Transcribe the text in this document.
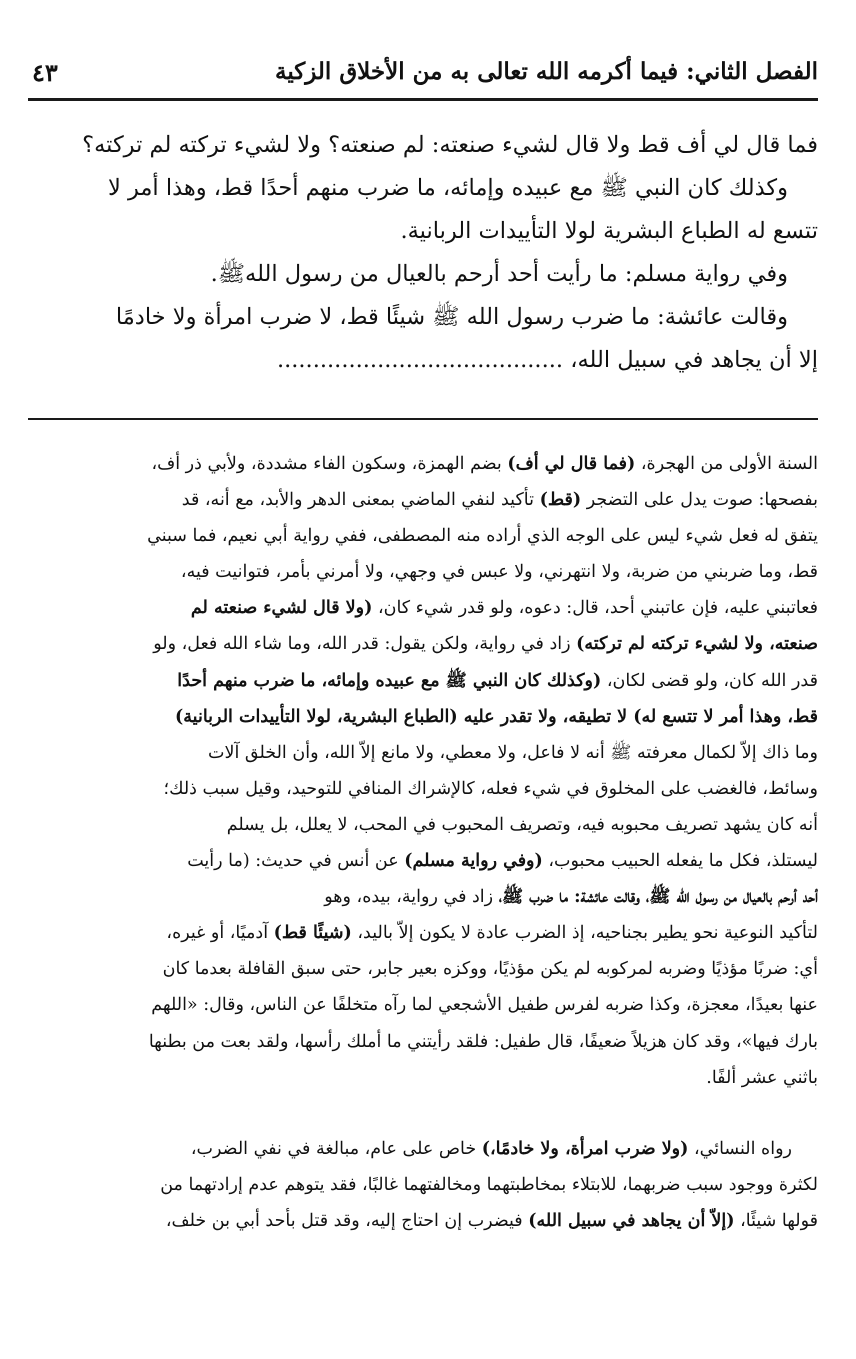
الفصل الثاني: فيما أكرمه الله تعالى به من الأخلاق الزكية
٤٣

فما قال لي أف قط ولا قال لشيء صنعته: لم صنعته؟ ولا لشيء تركته لم تركته؟

وكذلك كان النبي ﷺ مع عبيده وإمائه، ما ضرب منهم أحدًا قط، وهذا أمر لا

تتسع له الطباع البشرية لولا التأييدات الربانية.

وفي رواية مسلم: ما رأيت أحد أرحم بالعيال من رسول اللهﷺ.

وقالت عائشة: ما ضرب رسول الله ﷺ شيئًا قط، لا ضرب امرأة ولا خادمًا

إلا أن يجاهد في سبيل الله، ........................................

السنة الأولى من الهجرة، (فما قال لي أف) بضم الهمزة، وسكون الفاء مشددة، ولأبي ذر أف،

بفصحها: صوت يدل على التضجر (قط) تأكيد لنفي الماضي بمعنى الدهر والأبد، مع أنه، قد

يتفق له فعل شيء ليس على الوجه الذي أراده منه المصطفى، ففي رواية أبي نعيم، فما سبني

قط، وما ضربني من ضربة، ولا انتهرني، ولا عبس في وجهي، ولا أمرني بأمر، فتوانيت فيه،

فعاتبني عليه، فإن عاتبني أحد، قال: دعوه، ولو قدر شيء كان، (ولا قال لشيء صنعته لم

صنعته، ولا لشيء تركته لم تركته) زاد في رواية، ولكن يقول: قدر الله، وما شاء الله فعل، ولو

قدر الله كان، ولو قضى لكان، (وكذلك كان النبي ﷺ مع عبيده وإمائه، ما ضرب منهم أحدًا

قط، وهذا أمر لا تتسع له) لا تطيقه، ولا تقدر عليه (الطباع البشرية، لولا التأييدات الربانية)

وما ذاك إلاّ لكمال معرفته ﷺ أنه لا فاعل، ولا معطي، ولا مانع إلاّ الله، وأن الخلق آلات

وسائط، فالغضب على المخلوق في شيء فعله، كالإشراك المنافي للتوحيد، وقيل سبب ذلك؛

أنه كان يشهد تصريف محبوبه فيه، وتصريف المحبوب في المحب، لا يعلل، بل يسلم

ليستلذ، فكل ما يفعله الحبيب محبوب، (وفي رواية مسلم) عن أنس في حديث: (ما رأيت

أحد أرحم بالعيال من رسول الله ﷺ، وقالت عائشة: ما ضرب ﷺ، زاد في رواية، بيده، وهو

لتأكيد النوعية نحو يطير بجناحيه، إذ الضرب عادة لا يكون إلاّ باليد، (شيئًا قط) آدميًا، أو غيره،

أي: ضربًا مؤذيًا وضربه لمركوبه لم يكن مؤذيًا، ووكزه بعير جابر، حتى سبق القافلة بعدما كان

عنها بعيدًا، معجزة، وكذا ضربه لفرس طفيل الأشجعي لما رآه متخلفًا عن الناس، وقال: «اللهم

بارك فيها»، وقد كان هزيلاً ضعيفًا، قال طفيل: فلقد رأيتني ما أملك رأسها، ولقد بعت من بطنها

باثني عشر ألفًا.

رواه النسائي، (ولا ضرب امرأة، ولا خادمًا،) خاص على عام، مبالغة في نفي الضرب،

لكثرة ووجود سبب ضربهما، للابتلاء بمخاطبتهما ومخالفتهما غالبًا، فقد يتوهم عدم إرادتهما من

قولها شيئًا، (إلاّ أن يجاهد في سبيل الله) فيضرب إن احتاج إليه، وقد قتل بأحد أبي بن خلف،
